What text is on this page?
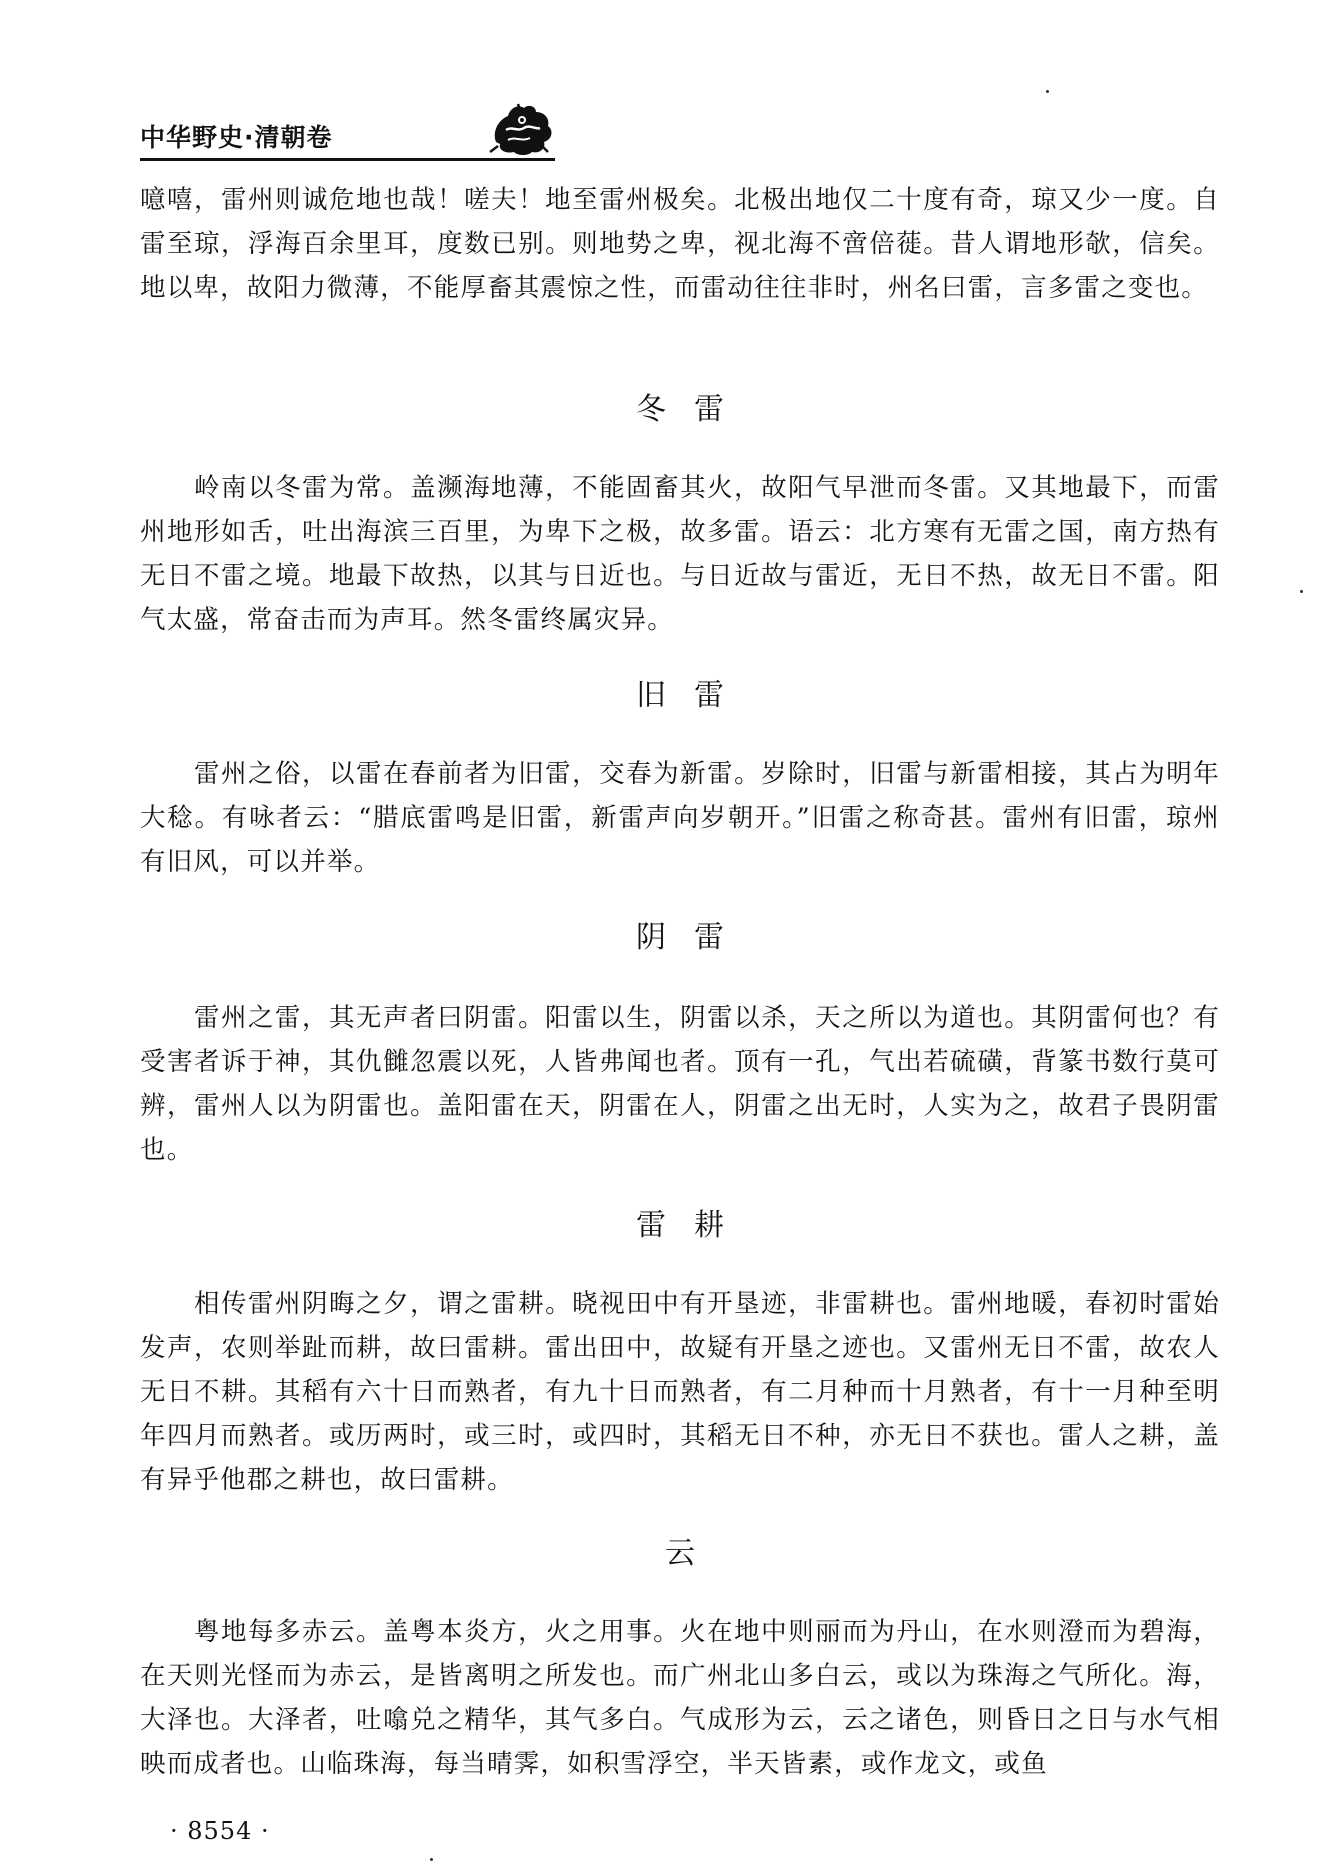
中华野史·清朝卷

噫嘻，雷州则诚危地也哉！嗟夫！地至雷州极矣。北极出地仅二十度有奇，琼又少一度。自雷至琼，浮海百余里耳，度数已别。则地势之卑，视北海不啻倍蓰。昔人谓地形欹，信矣。地以卑，故阳力微薄，不能厚畜其震惊之性，而雷动往往非时，州名曰雷，言多雷之变也。

冬雷

岭南以冬雷为常。盖濒海地薄，不能固畜其火，故阳气早泄而冬雷。又其地最下，而雷州地形如舌，吐出海滨三百里，为卑下之极，故多雷。语云：北方寒有无雷之国，南方热有无日不雷之境。地最下故热，以其与日近也。与日近故与雷近，无日不热，故无日不雷。阳气太盛，常奋击而为声耳。然冬雷终属灾异。

旧雷

雷州之俗，以雷在春前者为旧雷，交春为新雷。岁除时，旧雷与新雷相接，其占为明年大稔。有咏者云：“腊底雷鸣是旧雷，新雷声向岁朝开。”旧雷之称奇甚。雷州有旧雷，琼州有旧风，可以并举。

阴雷

雷州之雷，其无声者曰阴雷。阳雷以生，阴雷以杀，天之所以为道也。其阴雷何也？有受害者诉于神，其仇雠忽震以死，人皆弗闻也者。顶有一孔，气出若硫磺，背篆书数行莫可辨，雷州人以为阴雷也。盖阳雷在天，阴雷在人，阴雷之出无时，人实为之，故君子畏阴雷也。

雷耕

相传雷州阴晦之夕，谓之雷耕。晓视田中有开垦迹，非雷耕也。雷州地暖，春初时雷始发声，农则举趾而耕，故曰雷耕。雷出田中，故疑有开垦之迹也。又雷州无日不雷，故农人无日不耕。其稻有六十日而熟者，有九十日而熟者，有二月种而十月熟者，有十一月种至明年四月而熟者。或历两时，或三时，或四时，其稻无日不种，亦无日不获也。雷人之耕，盖有异乎他郡之耕也，故曰雷耕。

云

粤地每多赤云。盖粤本炎方，火之用事。火在地中则丽而为丹山，在水则澄而为碧海，在天则光怪而为赤云，是皆离明之所发也。而广州北山多白云，或以为珠海之气所化。海，大泽也。大泽者，吐噏兑之精华，其气多白。气成形为云，云之诸色，则昏日之日与水气相映而成者也。山临珠海，每当晴霁，如积雪浮空，半天皆素，或作龙文，或鱼

· 8554 ·
